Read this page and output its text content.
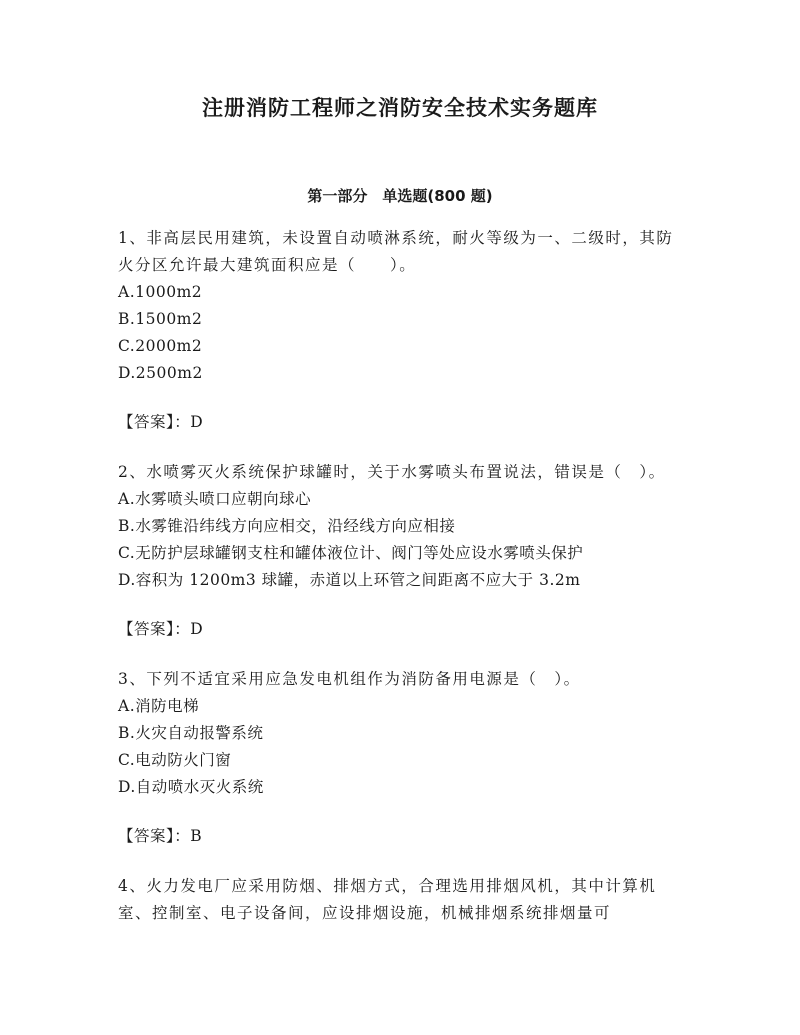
注册消防工程师之消防安全技术实务题库
第一部分　单选题(800 题)

1、非高层民用建筑，未设置自动喷淋系统，耐火等级为一、二级时，其防火分区允许最大建筑面积应是（　　）。

A.1000m2
B.1500m2
C.2000m2
D.2500m2
【答案】：D

2、水喷雾灭火系统保护球罐时，关于水雾喷头布置说法，错误是（　）。

A.水雾喷头喷口应朝向球心
B.水雾锥沿纬线方向应相交，沿经线方向应相接
C.无防护层球罐钢支柱和罐体液位计、阀门等处应设水雾喷头保护
D.容积为 1200m3 球罐，赤道以上环管之间距离不应大于 3.2m
【答案】：D

3、下列不适宜采用应急发电机组作为消防备用电源是（　）。

A.消防电梯
B.火灾自动报警系统
C.电动防火门窗
D.自动喷水灭火系统
【答案】：B

4、火力发电厂应采用防烟、排烟方式，合理选用排烟风机，其中计算机室、控制室、电子设备间，应设排烟设施，机械排烟系统排烟量可
